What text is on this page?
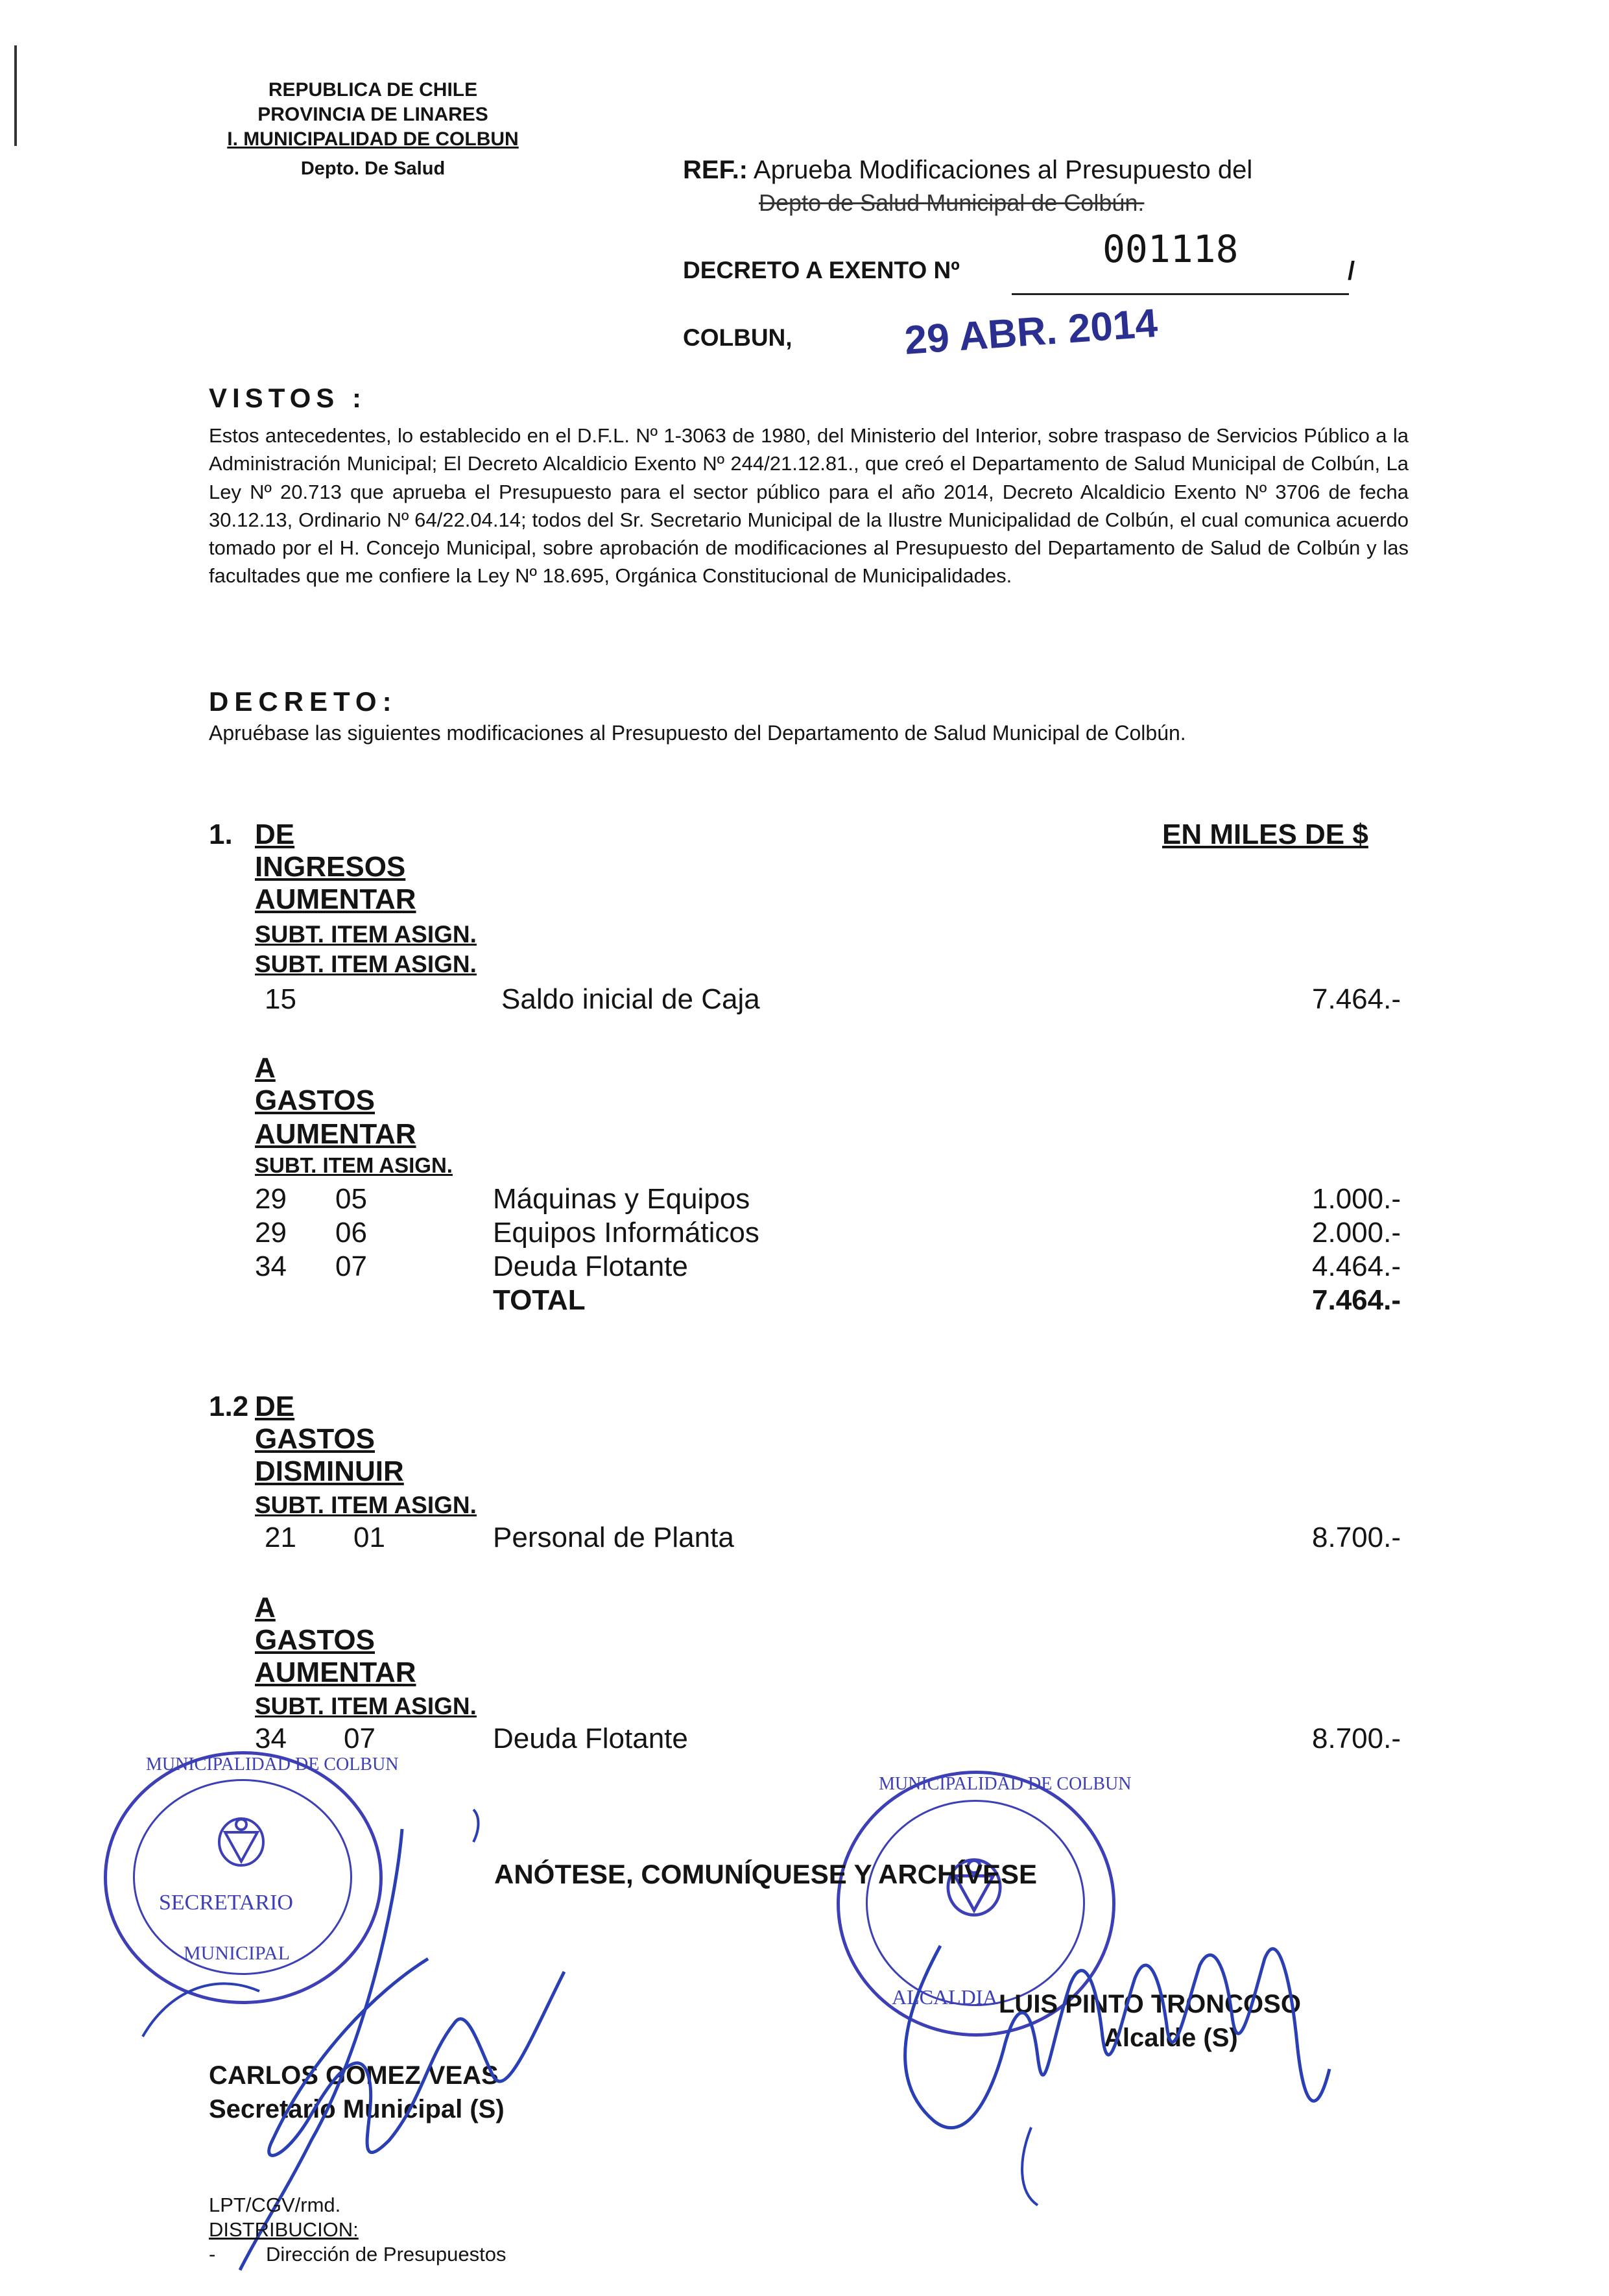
REPUBLICA DE CHILE
PROVINCIA DE LINARES
I. MUNICIPALIDAD DE COLBUN
Depto. De Salud	REF.: Aprueba Modificaciones al Presupuesto del
Depto de Salud Municipal de Colbún.
DECRETO A EXENTO Nº	001118	/
COLBUN,	29 ABR. 2014
VISTOS :
Estos antecedentes, lo establecido en el D.F.L. Nº 1-3063 de 1980, del Ministerio del Interior, sobre traspaso de Servicios Público a la Administración Municipal; El Decreto Alcaldicio Exento Nº 244/21.12.81., que creó el Departamento de Salud Municipal de Colbún, La Ley Nº 20.713 que aprueba el Presupuesto para el sector público para el año 2014, Decreto Alcaldicio Exento Nº 3706 de fecha 30.12.13, Ordinario Nº 64/22.04.14; todos del Sr. Secretario Municipal de la Ilustre Municipalidad de Colbún, el cual comunica acuerdo tomado por el H. Concejo Municipal, sobre aprobación de modificaciones al Presupuesto del Departamento de Salud de Colbún y las facultades que me confiere la Ley Nº 18.695, Orgánica Constitucional de Municipalidades.
DECRETO:
Apruébase las siguientes modificaciones al Presupuesto del Departamento de Salud Municipal de Colbún.
1. DE	EN MILES DE $
INGRESOS
AUMENTAR
SUBT. ITEM ASIGN.
SUBT. ITEM ASIGN.
15	Saldo inicial de Caja	7.464.-
A
GASTOS
AUMENTAR
SUBT. ITEM ASIGN.
29 05	Máquinas y Equipos	1.000.-
29 06	Equipos Informáticos	2.000.-
34 07	Deuda Flotante	4.464.-
TOTAL	7.464.-
1.2 DE
GASTOS
DISMINUIR
SUBT. ITEM ASIGN.
21 01	Personal de Planta	8.700.-
A
GASTOS
AUMENTAR
SUBT. ITEM ASIGN.
34 07	Deuda Flotante	8.700.-
SECRETARIO
MUNICIPAL
MUNICIPALIDAD DE COLBUN
MUNICIPALIDAD DE COLBUN
ALCALDIA
ANÓTESE, COMUNÍQUESE Y ARCHÍVESE
LUIS PINTO TRONCOSO
Alcalde (S)
CARLOS GOMEZ VEAS
Secretario Municipal (S)
LPT/CGV/rmd.
DISTRIBUCION:
-	Dirección de Presupuestos
